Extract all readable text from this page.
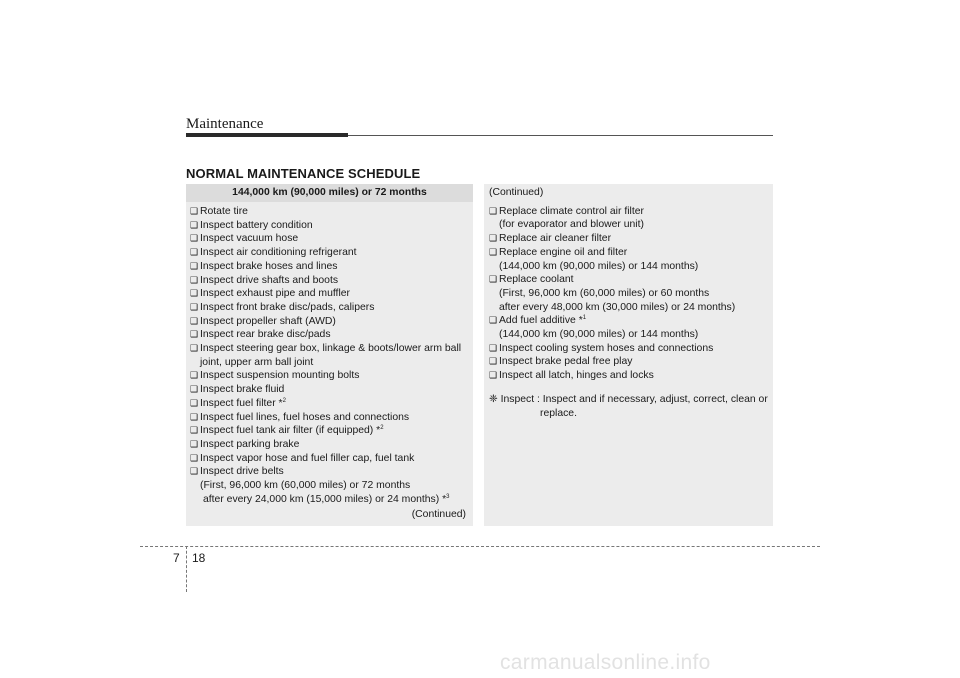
Maintenance
NORMAL MAINTENANCE SCHEDULE
144,000 km (90,000 miles) or 72 months
❑ Rotate tire
❑ Inspect battery condition
❑ Inspect vacuum hose
❑ Inspect air conditioning refrigerant
❑ Inspect brake hoses and lines
❑ Inspect drive shafts and boots
❑ Inspect exhaust pipe and muffler
❑ Inspect front brake disc/pads, calipers
❑ Inspect propeller shaft (AWD)
❑ Inspect rear brake disc/pads
❑ Inspect steering gear box, linkage & boots/lower arm ball
joint, upper arm ball joint
❑ Inspect suspension mounting bolts
❑ Inspect brake fluid
❑ Inspect fuel filter *$^2$
❑ Inspect fuel lines, fuel hoses and connections
❑ Inspect fuel tank air filter (if equipped) *$^2$
❑ Inspect parking brake
❑ Inspect vapor hose and fuel filler cap, fuel tank
❑ Inspect drive belts
(First, 96,000 km (60,000 miles) or 72 months
after every 24,000 km (15,000 miles) or 24 months) *$^3$
(Continued)
(Continued)
❑ Replace climate control air filter
(for evaporator and blower unit)
❑ Replace air cleaner filter
❑ Replace engine oil and filter
(144,000 km (90,000 miles) or 144 months)
❑ Replace coolant
(First, 96,000 km (60,000 miles) or 60 months
after every 48,000 km (30,000 miles) or 24 months)
❑ Add fuel additive *$^1$
(144,000 km (90,000 miles) or 144 months)
❑ Inspect cooling system hoses and connections
❑ Inspect brake pedal free play
❑ Inspect all latch, hinges and locks
❈ Inspect : Inspect and if necessary, adjust, correct, clean or
replace.
7 18
carmanualsonline.info
